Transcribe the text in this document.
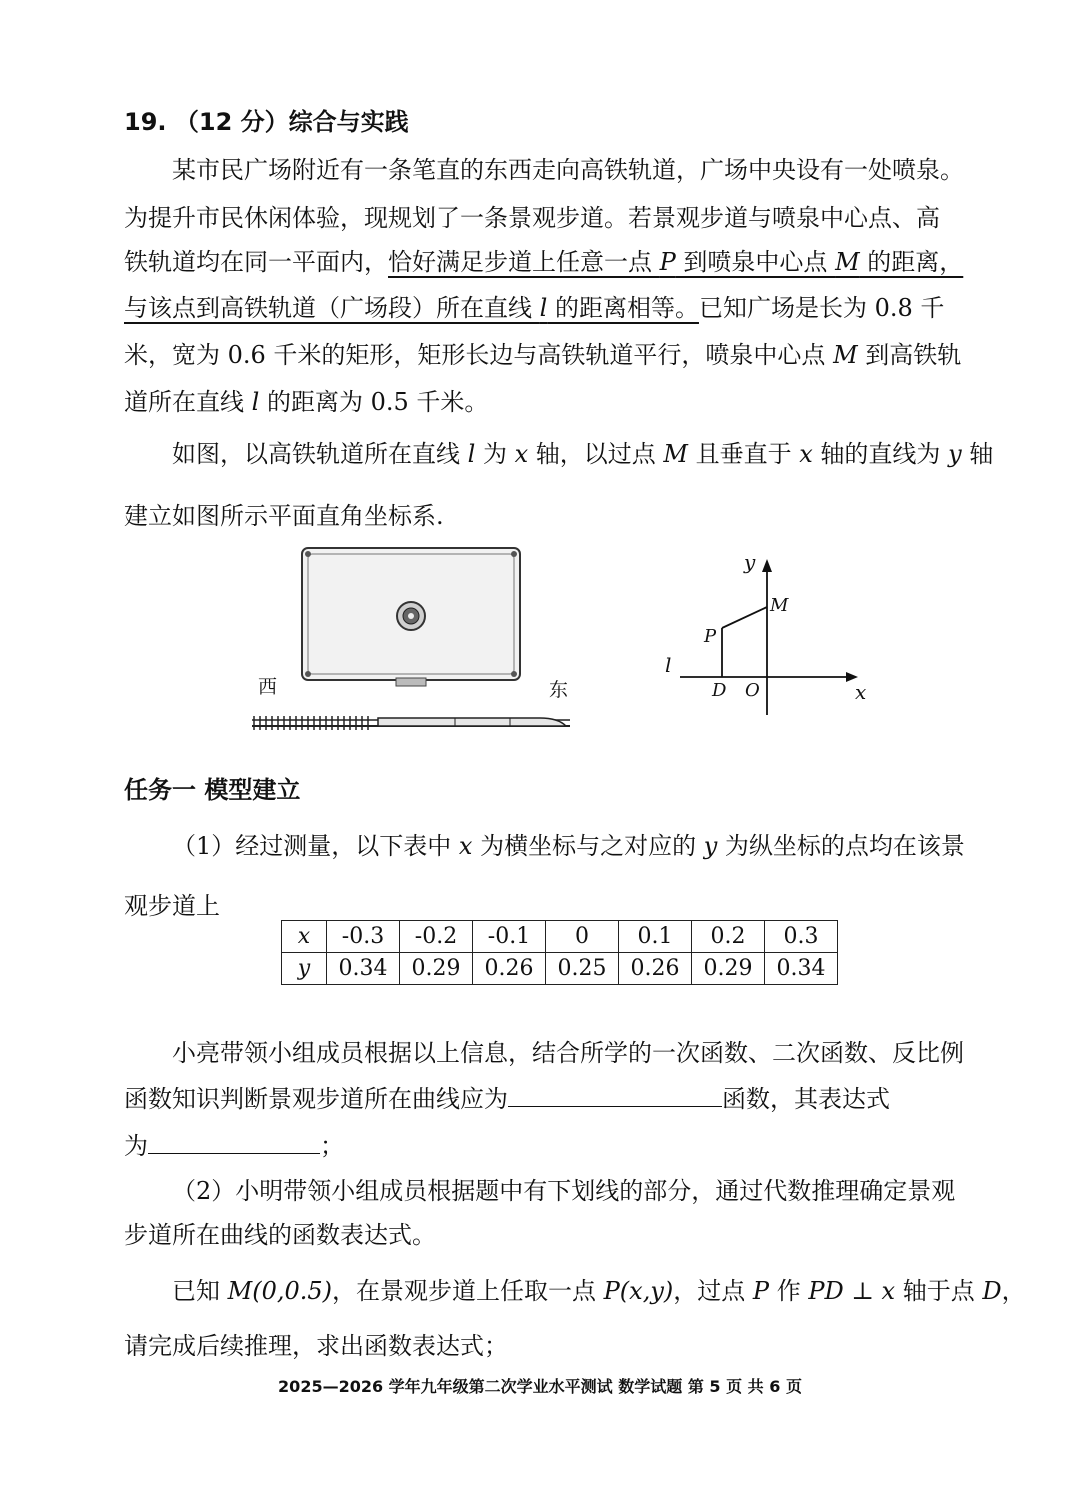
19. （12 分）综合与实践
某市民广场附近有一条笔直的东西走向高铁轨道，广场中央设有一处喷泉。
为提升市民休闲体验，现规划了一条景观步道。若景观步道与喷泉中心点、高
铁轨道均在同一平面内，恰好满足步道上任意一点 P 到喷泉中心点 M 的距离，
与该点到高铁轨道（广场段）所在直线 l 的距离相等。已知广场是长为 0.8 千
米，宽为 0.6 千米的矩形，矩形长边与高铁轨道平行，喷泉中心点 M 到高铁轨
道所在直线 l 的距离为 0.5 千米。
如图，以高铁轨道所在直线 l 为 x 轴，以过点 M 且垂直于 x 轴的直线为 y 轴
建立如图所示平面直角坐标系.
西	东
y
x
M
P
l
D O
任务一 模型建立
（1）经过测量，以下表中 x 为横坐标与之对应的 y 为纵坐标的点均在该景
观步道上
x	-0.3	-0.2	-0.1	0	0.1	0.2	0.3
y	0.34	0.29	0.26	0.25	0.26	0.29	0.34
小亮带领小组成员根据以上信息，结合所学的一次函数、二次函数、反比例
函数知识判断景观步道所在曲线应为	函数，其表达式
为	；
（2）小明带领小组成员根据题中有下划线的部分，通过代数推理确定景观
步道所在曲线的函数表达式。
已知 M(0,0.5)，在景观步道上任取一点 P(x,y)，过点 P 作 PD ⊥ x 轴于点 D，
请完成后续推理，求出函数表达式；
2025—2026 学年九年级第二次学业水平测试 数学试题 第 5 页 共 6 页
